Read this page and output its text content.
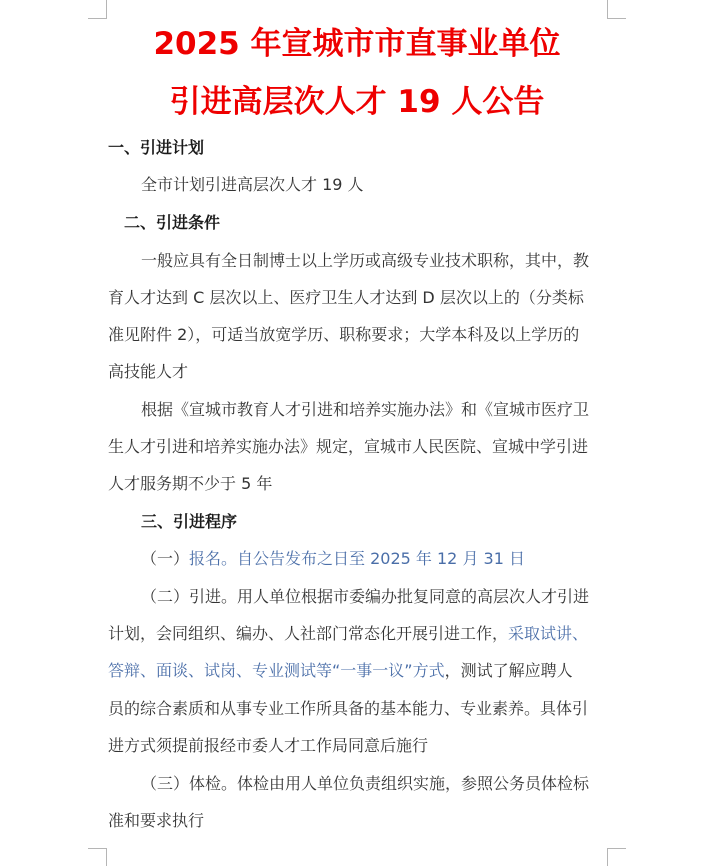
2025 年宣城市市直事业单位
引进高层次人才 19 人公告

一、引进计划

全市计划引进高层次人才 19 人

二、引进条件

一般应具有全日制博士以上学历或高级专业技术职称，其中，教

育人才达到 C 层次以上、医疗卫生人才达到 D 层次以上的（分类标

准见附件 2），可适当放宽学历、职称要求；大学本科及以上学历的

高技能人才

根据《宣城市教育人才引进和培养实施办法》和《宣城市医疗卫

生人才引进和培养实施办法》规定，宣城市人民医院、宣城中学引进

人才服务期不少于 5 年

三、引进程序

（一）报名。自公告发布之日至 2025 年 12 月 31 日

（二）引进。用人单位根据市委编办批复同意的高层次人才引进

计划，会同组织、编办、人社部门常态化开展引进工作，采取试讲、

答辩、面谈、试岗、专业测试等“一事一议”方式，测试了解应聘人

员的综合素质和从事专业工作所具备的基本能力、专业素养。具体引

进方式须提前报经市委人才工作局同意后施行

（三）体检。体检由用人单位负责组织实施，参照公务员体检标

准和要求执行
